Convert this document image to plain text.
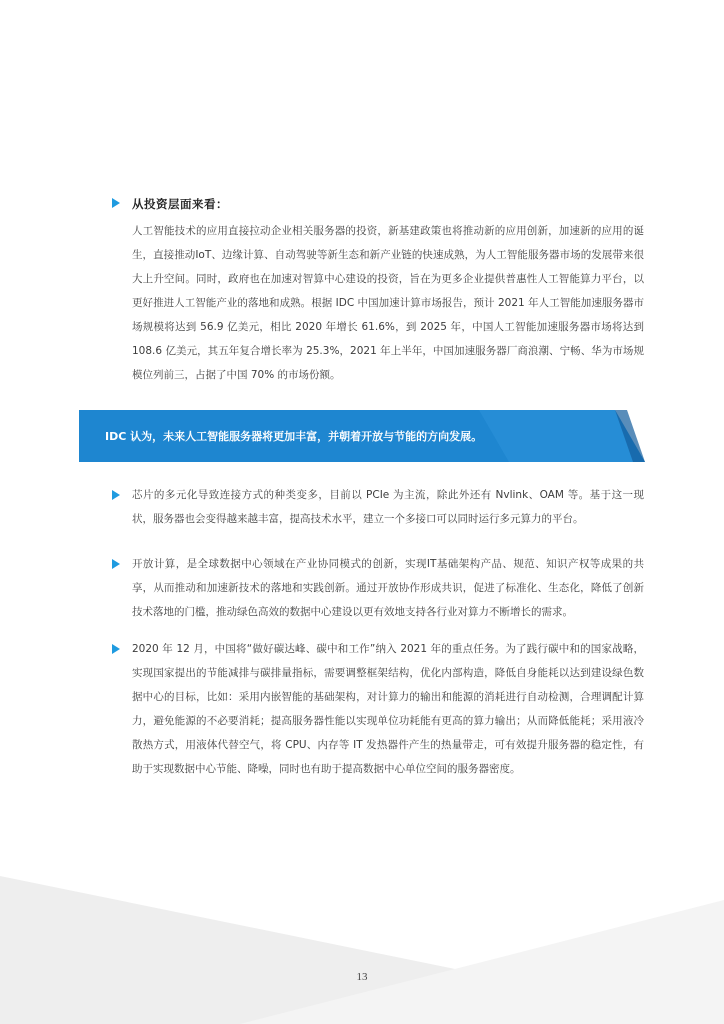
从投资层面来看：

人工智能技术的应用直接拉动企业相关服务器的投资，新基建政策也将推动新的应用创新，加速新的应用的诞生，直接推动IoT、边缘计算、自动驾驶等新生态和新产业链的快速成熟，为人工智能服务器市场的发展带来很大上升空间。同时，政府也在加速对智算中心建设的投资，旨在为更多企业提供普惠性人工智能算力平台，以更好推进人工智能产业的落地和成熟。根据 IDC 中国加速计算市场报告，预计 2021 年人工智能加速服务器市场规模将达到 56.9 亿美元，相比 2020 年增长 61.6%，到 2025 年，中国人工智能加速服务器市场将达到 108.6 亿美元，其五年复合增长率为 25.3%，2021 年上半年，中国加速服务器厂商浪潮、宁畅、华为市场规模位列前三，占据了中国 70% 的市场份额。

IDC 认为，未来人工智能服务器将更加丰富，并朝着开放与节能的方向发展。

芯片的多元化导致连接方式的种类变多，目前以 PCIe 为主流，除此外还有 Nvlink、OAM 等。基于这一现状，服务器也会变得越来越丰富，提高技术水平，建立一个多接口可以同时运行多元算力的平台。

开放计算，是全球数据中心领域在产业协同模式的创新，实现IT基础架构产品、规范、知识产权等成果的共享，从而推动和加速新技术的落地和实践创新。通过开放协作形成共识，促进了标准化、生态化，降低了创新技术落地的门槛，推动绿色高效的数据中心建设以更有效地支持各行业对算力不断增长的需求。

2020 年 12 月，中国将“做好碳达峰、碳中和工作”纳入 2021 年的重点任务。为了践行碳中和的国家战略，实现国家提出的节能减排与碳排量指标，需要调整框架结构，优化内部构造，降低自身能耗以达到建设绿色数据中心的目标，比如：采用内嵌智能的基础架构，对计算力的输出和能源的消耗进行自动检测，合理调配计算力，避免能源的不必要消耗；提高服务器性能以实现单位功耗能有更高的算力输出；从而降低能耗；采用液冷散热方式，用液体代替空气，将 CPU、内存等 IT 发热器件产生的热量带走，可有效提升服务器的稳定性，有助于实现数据中心节能、降噪，同时也有助于提高数据中心单位空间的服务器密度。

13
